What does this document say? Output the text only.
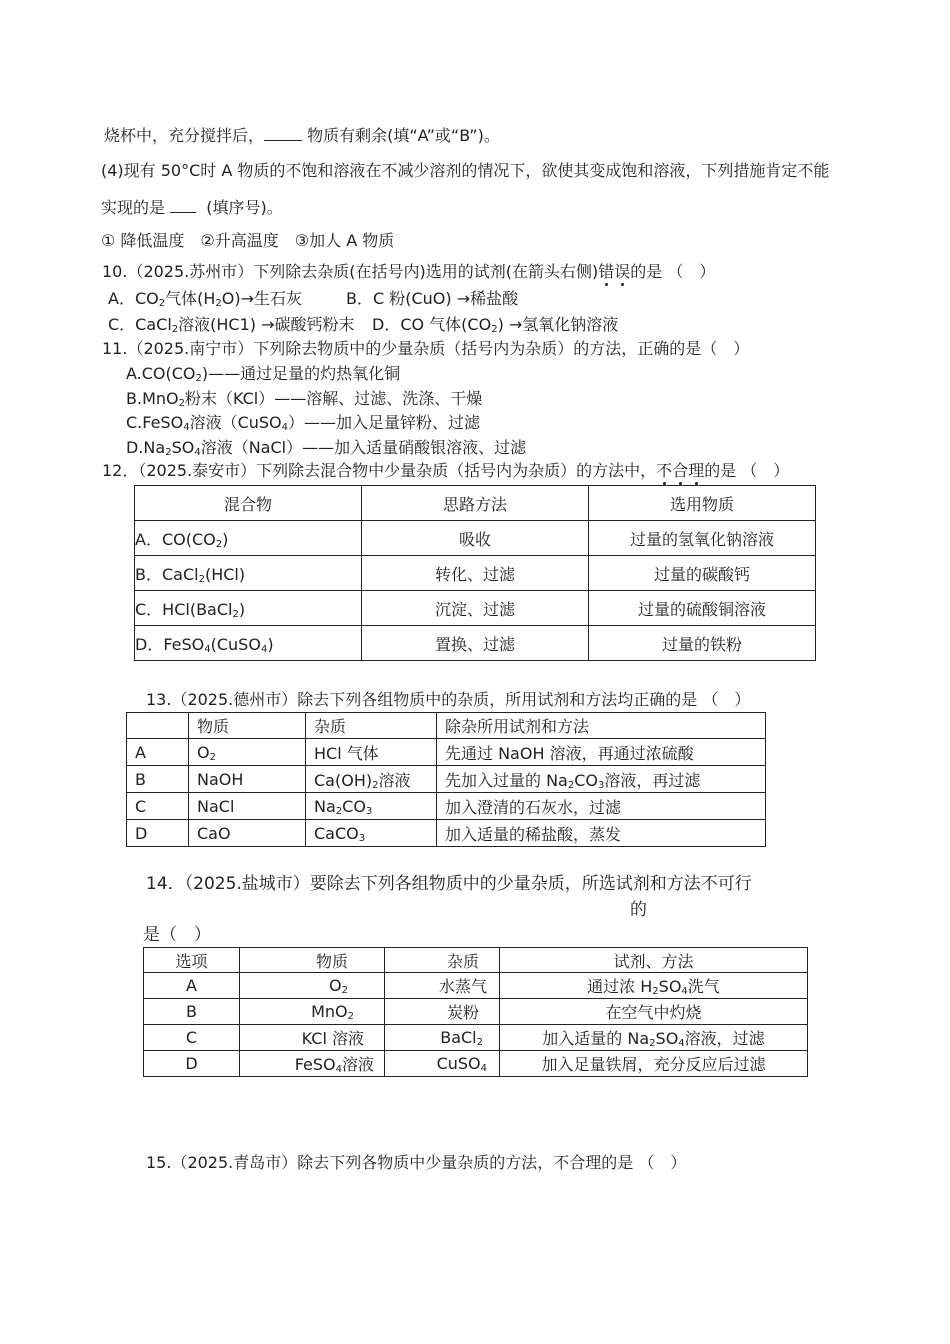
烧杯中，充分搅拌后，	物质有剩余(填“A”或“B”)。
(4)现有 50°C时 A 物质的不饱和溶液在不减少溶剂的情况下，欲使其变成饱和溶液，下列措施肯定不能
实现的是	(填序号)。
① 降低温度　②升高温度　③加人 A 物质
10.（2025.苏州市）下列除去杂质(在括号内)选用的试剂(在箭头右侧)错误的是 （　）
A．$CO_2$气体$(H_2O)\to$生石灰	B．C 粉(CuO) →稀盐酸
C．CaCl$_2$溶液(HC1) →碳酸钙粉末 D．CO 气体$(CO_2)$ →氢氧化钠溶液
11.（2025.南宁市）下列除去物质中的少量杂质（括号内为杂质）的方法，正确的是（　）
$A.CO(CO_2)——$通过足量的灼热氧化铜
B.MnO$_2$粉末（KCl）——溶解、过滤、洗涤、干燥
C.FeSO$_4$溶液（CuSO$_4$）——加入足量锌粉、过滤
$D.Na_2SO_4$溶液（NaCl）——加入适量硝酸银溶液、过滤
12．（2025.泰安市）下列除去混合物中少量杂质（括号内为杂质）的方法中，不合理的是 （　）
混合物	思路方法	选用物质
A．$CO(CO_2)$	吸收	过量的氢氧化钠溶液
B．CaCl$_2$(HCl)	转化、过滤	过量的碳酸钙
C．HCl(BaCl$_2$)	沉淀、过滤	过量的硫酸铜溶液
D．FeSO$_4$(CuSO$_4$)	置换、过滤	过量的铁粉
13.（2025.德州市）除去下列各组物质中的杂质，所用试剂和方法均正确的是 （　）
	物质	杂质	除杂所用试剂和方法
A	$O_2$	HCl 气体	先通过 NaOH 溶液，再通过浓硫酸
B	NaOH	$Ca(OH)_2$溶液	先加入过量的 $Na_2CO_3$溶液，再过滤
C	NaCl	$Na_2CO_3$	加入澄清的石灰水，过滤
D	CaO	CaCO$_3$	加入适量的稀盐酸，蒸发
14．（2025.盐城市）要除去下列各组物质中的少量杂质，所选试剂和方法不可行
的
是（　）
选项	物质	杂质	试剂、方法
A	$O_2$	水蒸气	通过浓 $H_2SO_4$洗气
B	MnO$_2$	炭粉	在空气中灼烧
C	KCl 溶液	BaCl$_2$	加入适量的 $Na_2SO_4$溶液，过滤
D	FeSO$_4$溶液	CuSO$_4$	加入足量铁屑，充分反应后过滤
15.（2025.青岛市）除去下列各物质中少量杂质的方法，不合理的是 （　）
